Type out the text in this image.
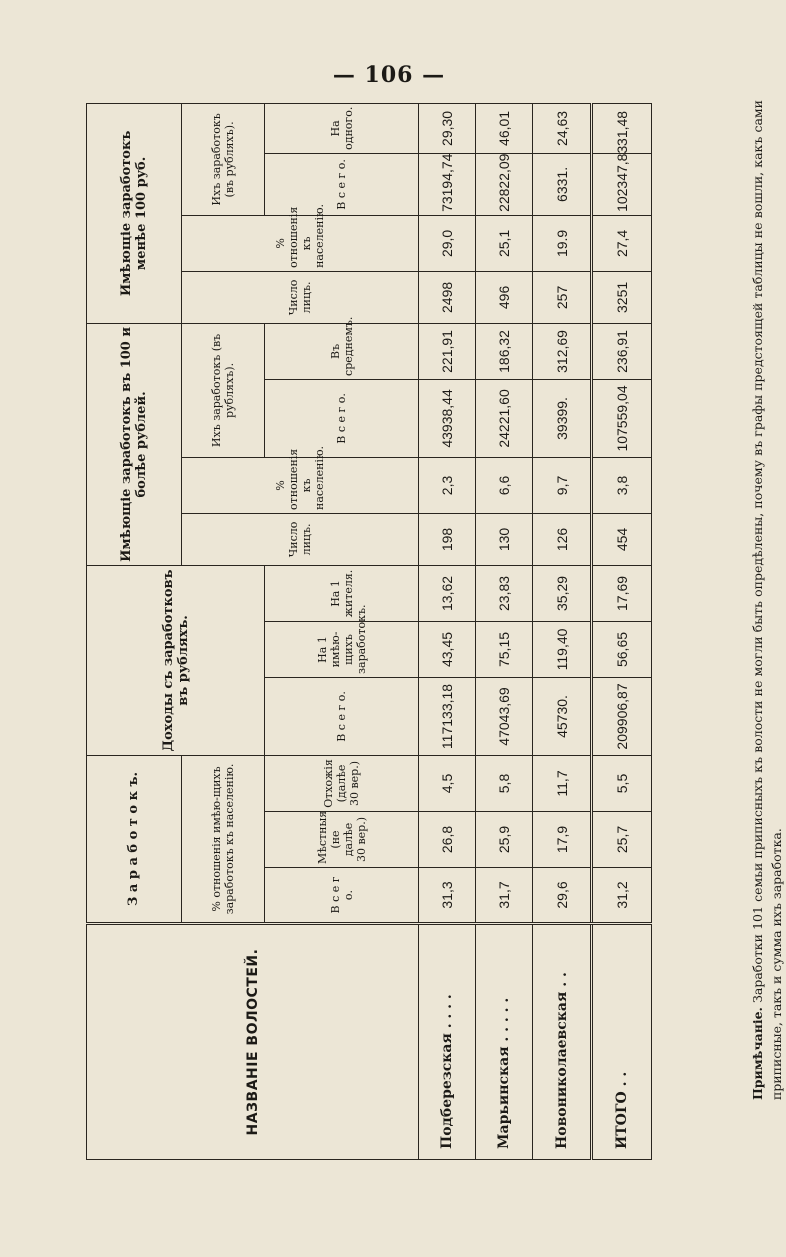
— 106 —
НАЗВАНІЕ ВОЛОСТЕЙ.	З а р а б о т о к ъ.			Доходы съ заработковъ въ рубляхъ.			Имѣющіе заработокъ въ 100 и болѣе рублей.				Имѣющіе заработокъ менѣе 100 руб.			
	% отношенія имѣю-щихъ заработокъ къ населенію.						Число лицъ.	% отношенія къ населенію.	Ихъ заработокъ (въ рубляхъ).		Число лицъ.	% отношенія къ населенію.	Ихъ заработокъ (въ рубляхъ).	
	В с е г о.	Мѣстныя (не далѣе 30 вер.)	Отхожія (далѣе 30 вер.)	В с е г о.	На 1 имѣю-щихъ заработокъ.	На 1 жителя.			В с е г о.	Въ среднемъ.			В с е г о.	На одного.
Подберезская . . . .	31,3	26,8	4,5	117133,18	43,45	13,62	198	2,3	43938,44	221,91	2498	29,0	73194,74	29,30
Марьинская . . . . .	31,7	25,9	5,8	47043,69	75,15	23,83	130	6,6	24221,60	186,32	496	25,1	22822,09	46,01
Новониколаевская . .	29,6	17,9	11,7	45730.	119,40	35,29	126	9,7	39399.	312,69	257	19.9	6331.	24,63
ИТОГО . .	31,2	25,7	5,5	209906,87	56,65	17,69	454	3,8	107559,04	236,91	3251	27,4	102347,83	31,48
Примѣчаніе. Заработки 101 семьи приписныхъ къ волости не могли быть опредѣлены, почему въ графы предстоящей таблицы не вошли, какъ сами приписные, такъ и сумма ихъ заработка.
